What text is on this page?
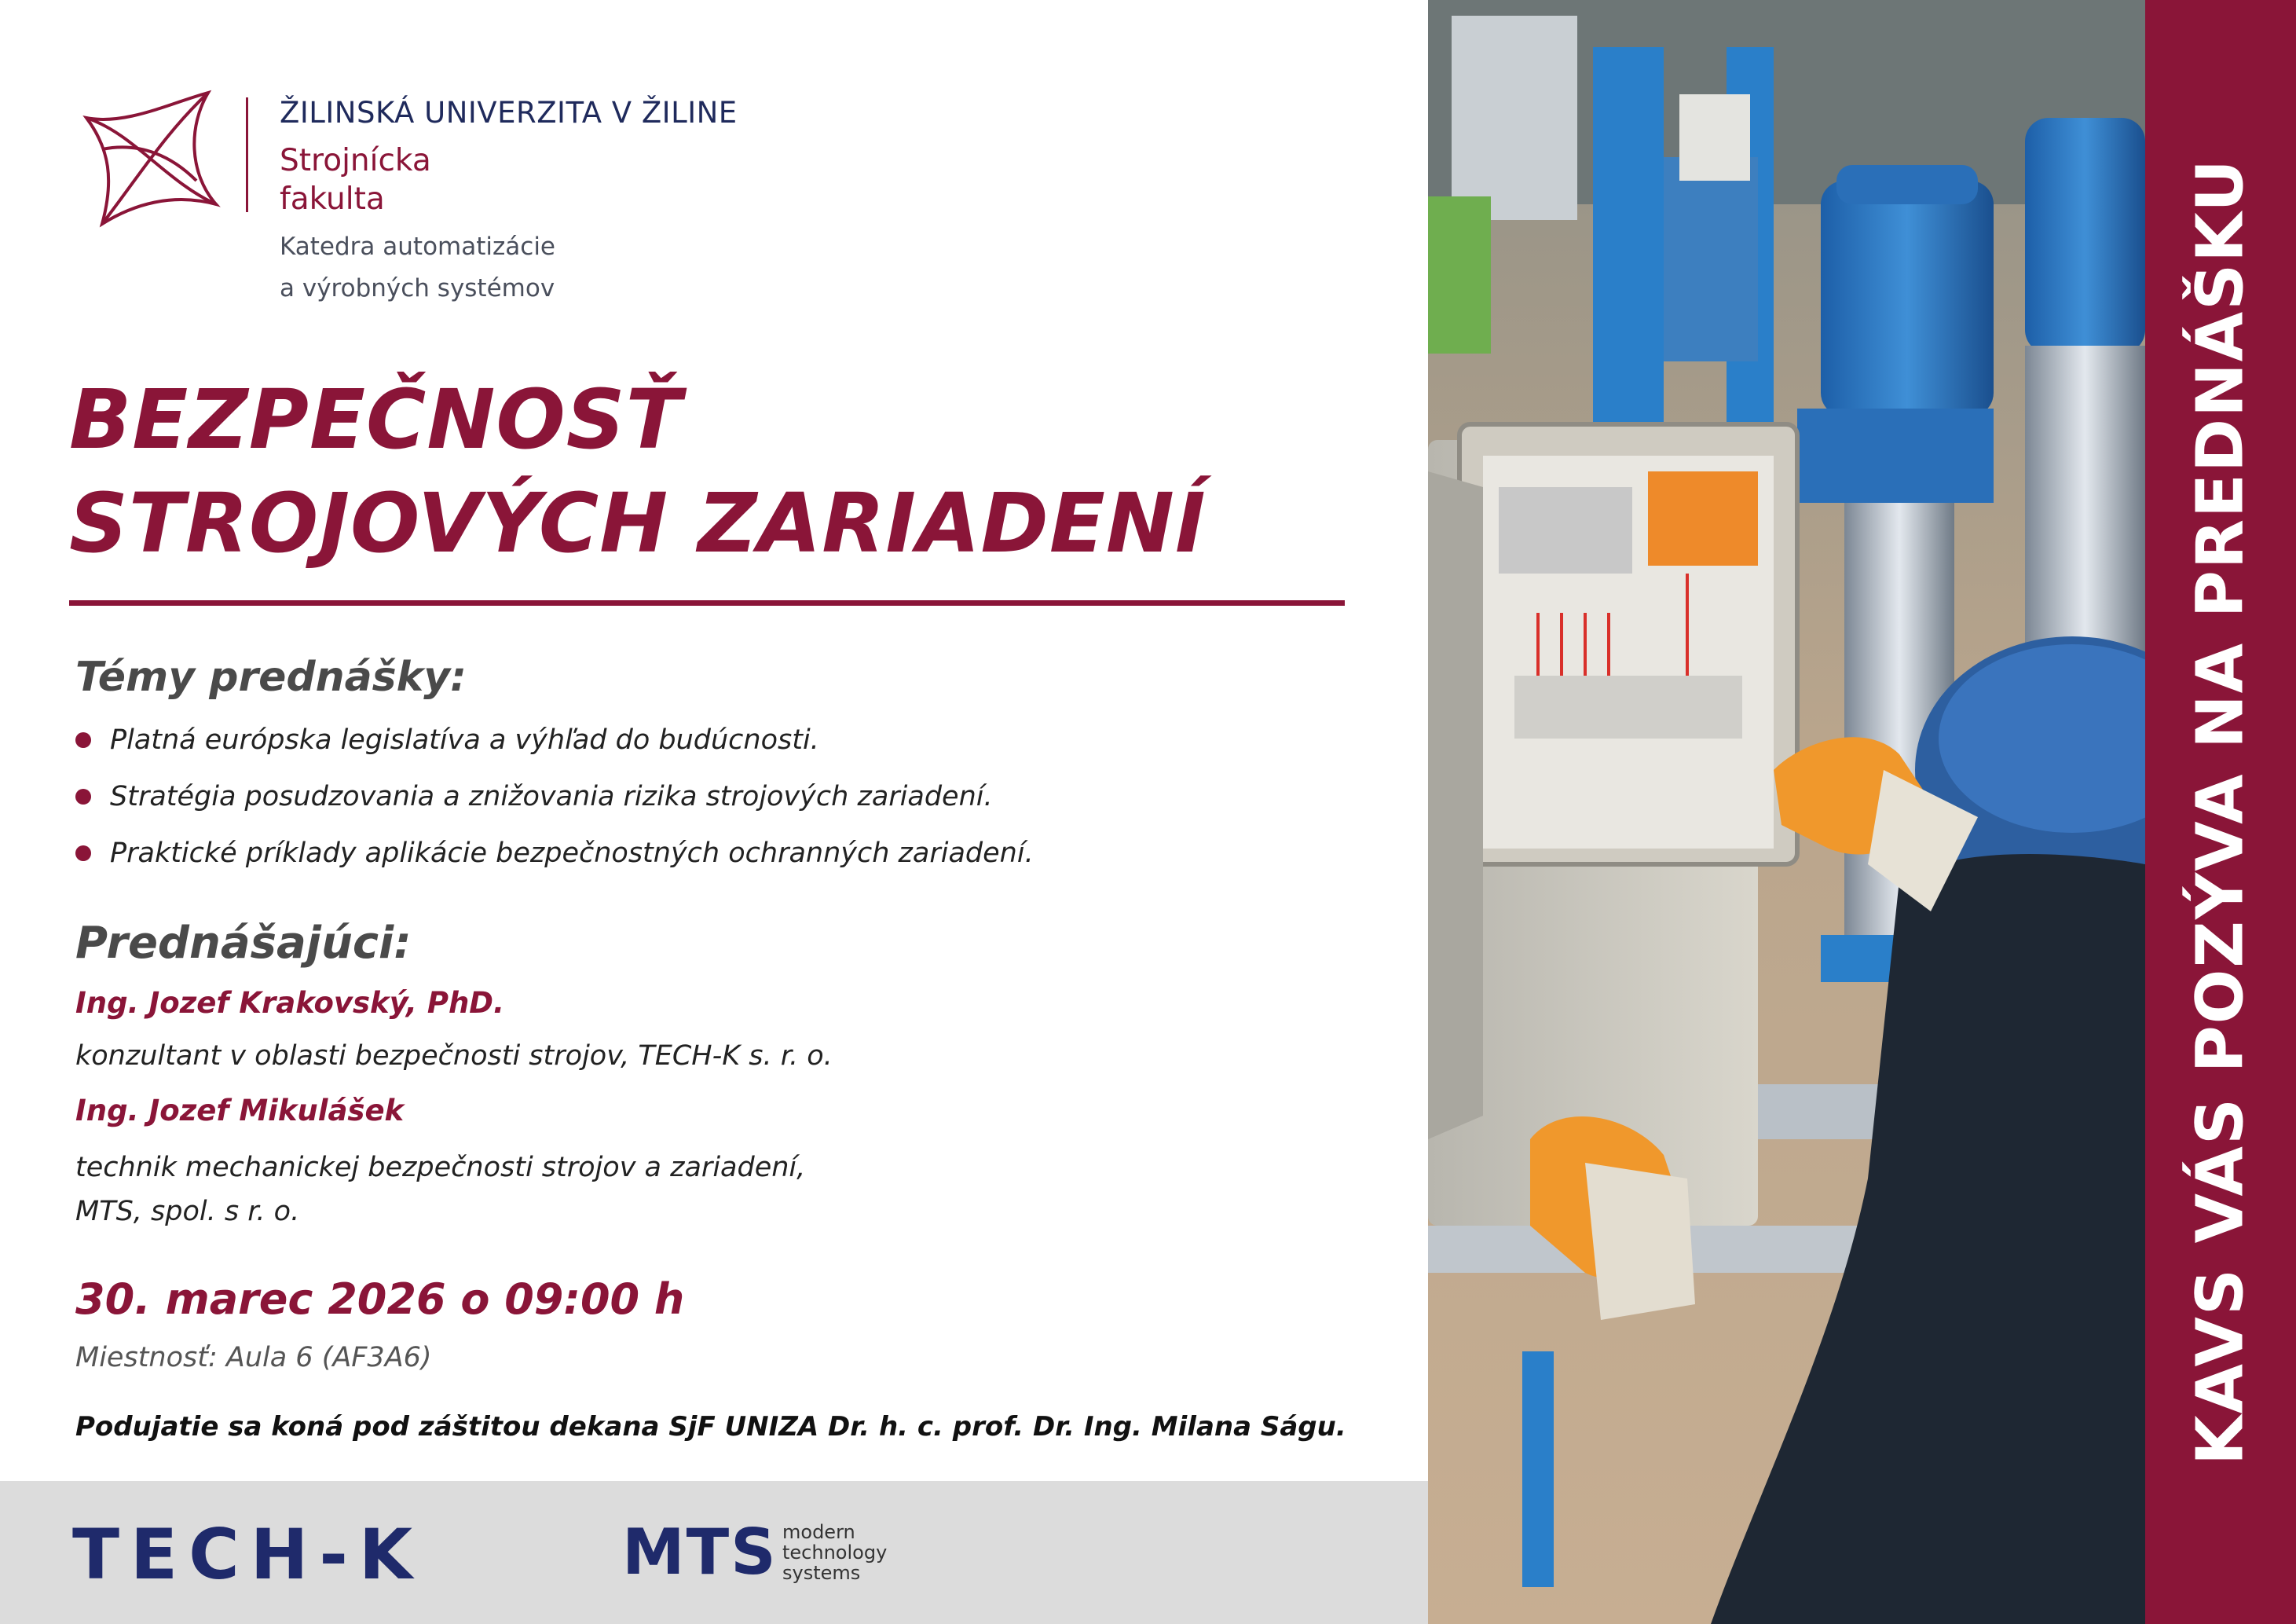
ŽILINSKÁ UNIVERZITA V ŽILINE
Strojnícka fakulta
Katedra automatizácie
a výrobných systémov
BEZPEČNOSŤ
STROJOVÝCH ZARIADENÍ
Témy prednášky:
Platná európska legislatíva a výhľad do budúcnosti.
Stratégia posudzovania a znižovania rizika strojových zariadení.
Praktické príklady aplikácie bezpečnostných ochranných zariadení.
Prednášajúci:
Ing. Jozef Krakovský, PhD.
konzultant v oblasti bezpečnosti strojov, TECH-K s. r. o.
Ing. Jozef Mikulášek
technik mechanickej bezpečnosti strojov a zariadení,
MTS, spol. s r. o.
30. marec 2026 o 09:00 h
Miestnosť: Aula 6 (AF3A6)
Podujatie sa koná pod záštitou dekana SjF UNIZA Dr. h. c. prof. Dr. Ing. Milana Ságu.
TECH-K	MTS modern
technology
systems
KAVS VÁS POZÝVA NA PREDNÁŠKU
